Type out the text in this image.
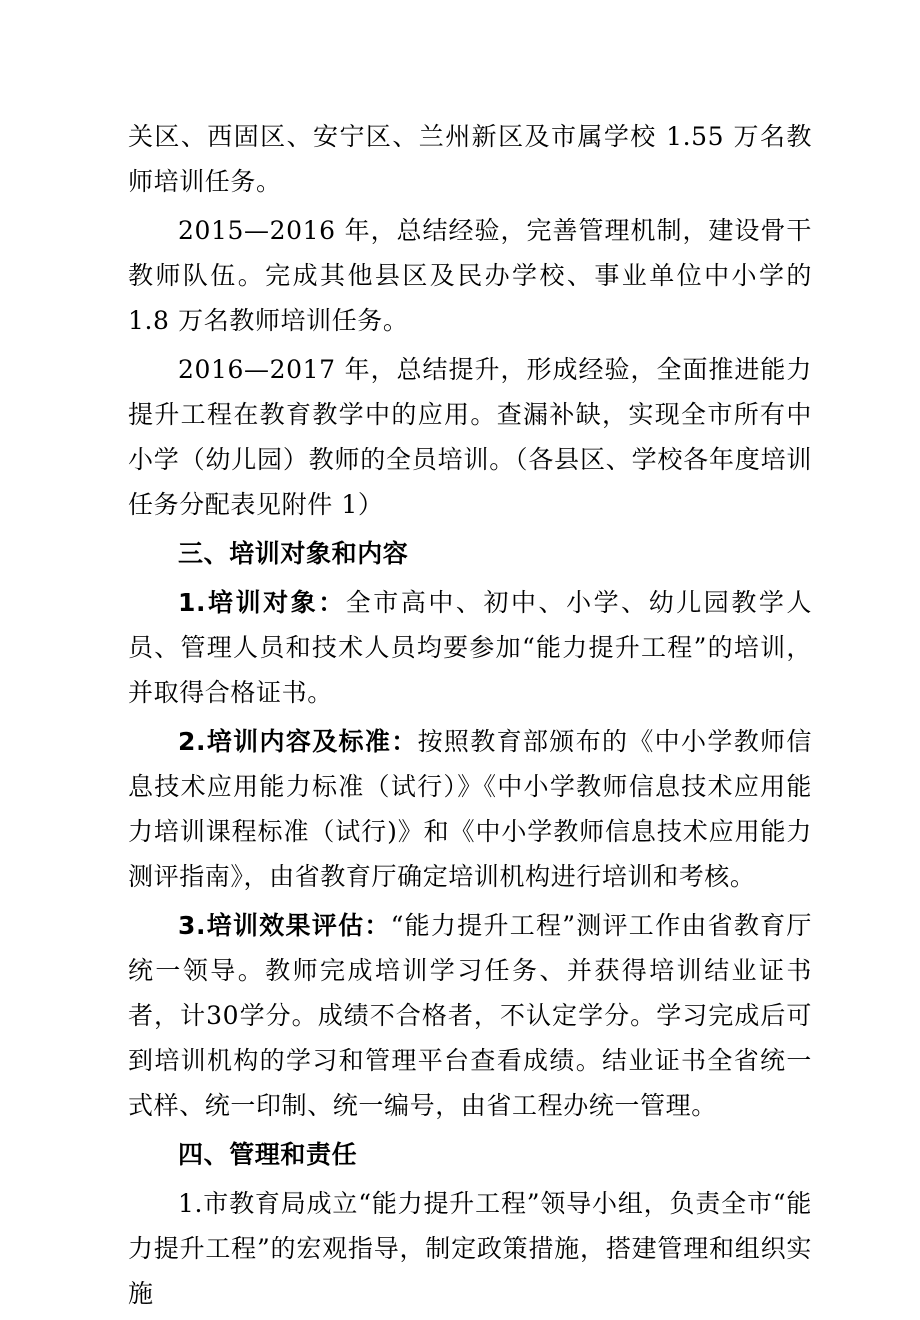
关区、西固区、安宁区、兰州新区及市属学校 1.55 万名教师培训任务。

2015—2016 年，总结经验，完善管理机制，建设骨干教师队伍。完成其他县区及民办学校、事业单位中小学的 1.8 万名教师培训任务。

2016—2017 年，总结提升，形成经验，全面推进能力提升工程在教育教学中的应用。查漏补缺，实现全市所有中小学（幼儿园）教师的全员培训。（各县区、学校各年度培训任务分配表见附件 1）

三、培训对象和内容

1.培训对象：全市高中、初中、小学、幼儿园教学人员、管理人员和技术人员均要参加“能力提升工程”的培训，并取得合格证书。

2.培训内容及标准：按照教育部颁布的《中小学教师信息技术应用能力标准（试行）》《中小学教师信息技术应用能力培训课程标准（试行)》和《中小学教师信息技术应用能力测评指南》，由省教育厅确定培训机构进行培训和考核。

3.培训效果评估：“能力提升工程”测评工作由省教育厅统一领导。教师完成培训学习任务、并获得培训结业证书者，计30学分。成绩不合格者，不认定学分。学习完成后可到培训机构的学习和管理平台查看成绩。结业证书全省统一式样、统一印制、统一编号，由省工程办统一管理。

四、管理和责任

1.市教育局成立“能力提升工程”领导小组，负责全市“能力提升工程”的宏观指导，制定政策措施，搭建管理和组织实施
